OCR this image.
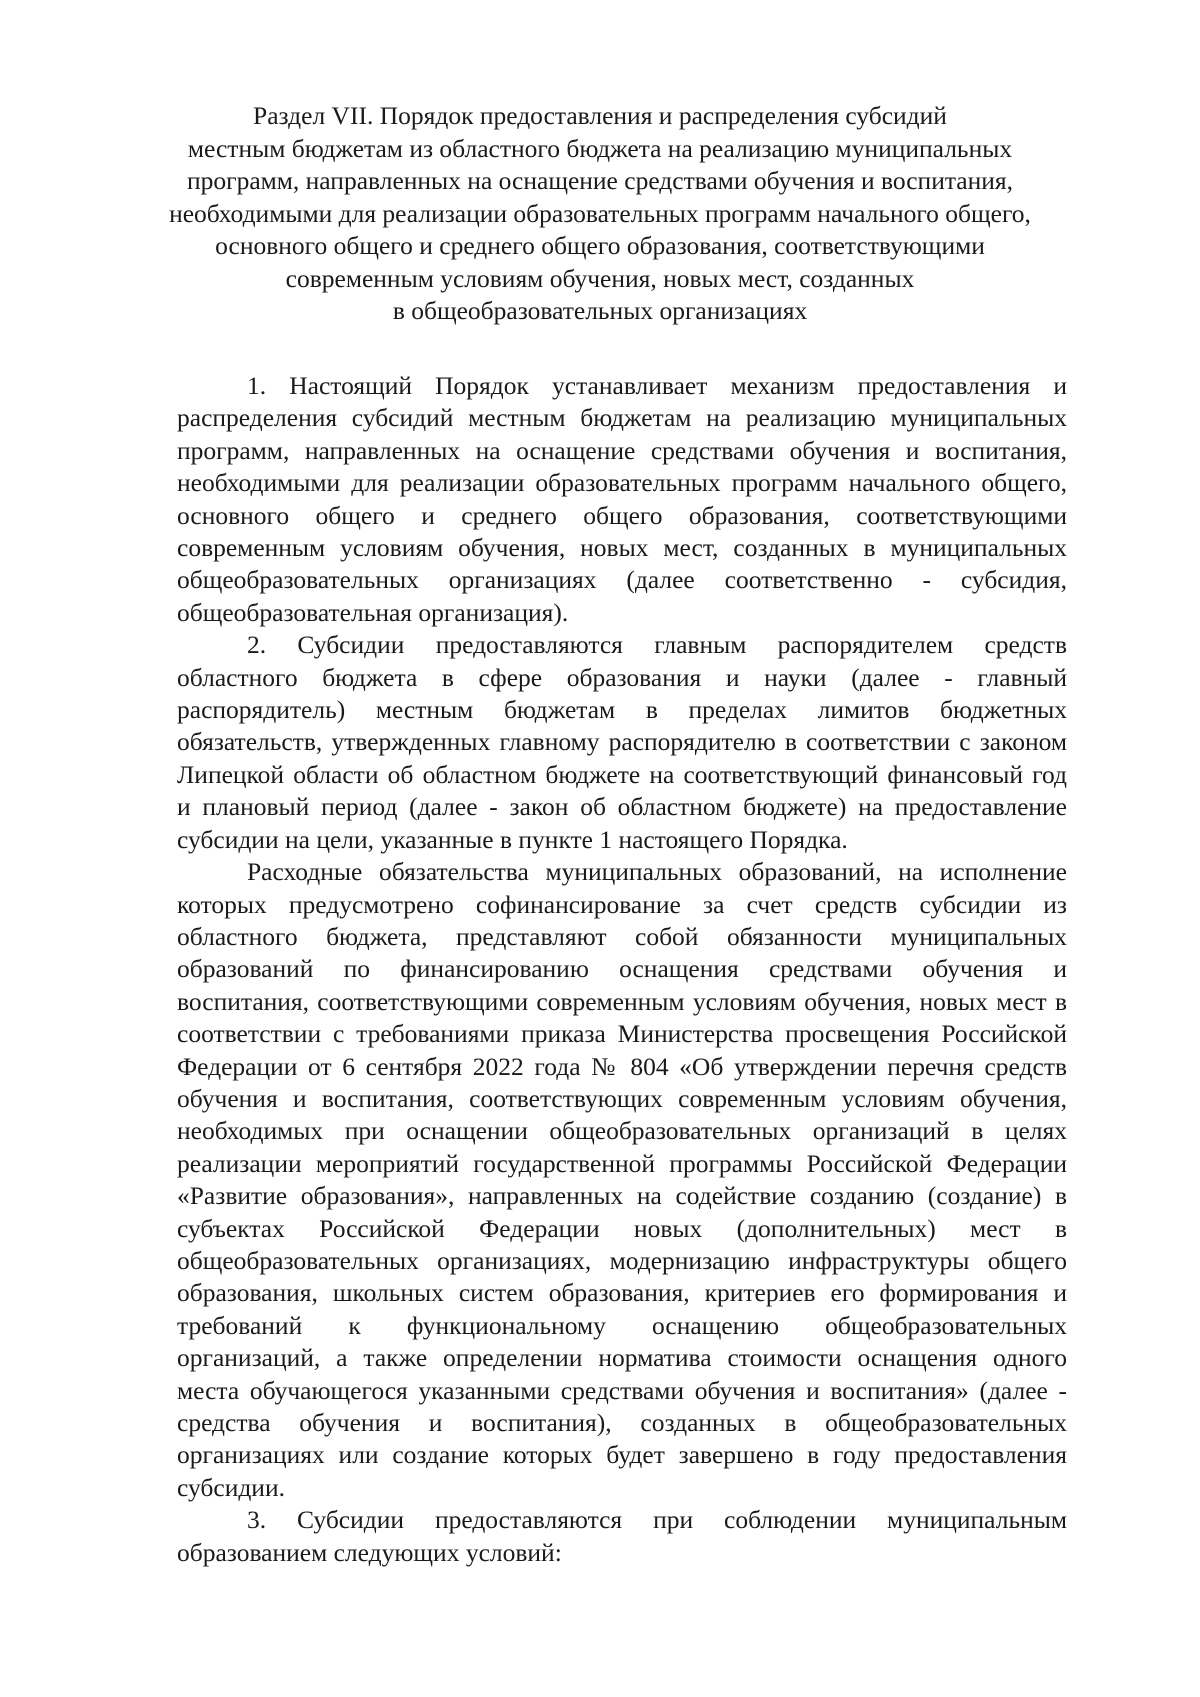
Раздел VII. Порядок предоставления и распределения субсидий
местным бюджетам из областного бюджета на реализацию муниципальных
программ, направленных на оснащение средствами обучения и воспитания,
необходимыми для реализации образовательных программ начального общего,
основного общего и среднего общего образования, соответствующими
современным условиям обучения, новых мест, созданных
в общеобразовательных организациях
1. Настоящий Порядок устанавливает механизм предоставления и
распределения субсидий местным бюджетам на реализацию муниципальных
программ, направленных на оснащение средствами обучения и воспитания,
необходимыми для реализации образовательных программ начального общего,
основного общего и среднего общего образования, соответствующими
современным условиям обучения, новых мест, созданных в муниципальных
общеобразовательных организациях (далее соответственно - субсидия,
общеобразовательная организация).
2. Субсидии предоставляются главным распорядителем средств
областного бюджета в сфере образования и науки (далее - главный
распорядитель) местным бюджетам в пределах лимитов бюджетных
обязательств, утвержденных главному распорядителю в соответствии с законом
Липецкой области об областном бюджете на соответствующий финансовый год
и плановый период (далее - закон об областном бюджете) на предоставление
субсидии на цели, указанные в пункте 1 настоящего Порядка.
Расходные обязательства муниципальных образований, на исполнение
которых предусмотрено софинансирование за счет средств субсидии из
областного бюджета, представляют собой обязанности муниципальных
образований по финансированию оснащения средствами обучения и
воспитания, соответствующими современным условиям обучения, новых мест в
соответствии с требованиями приказа Министерства просвещения Российской
Федерации от 6 сентября 2022 года № 804 «Об утверждении перечня средств
обучения и воспитания, соответствующих современным условиям обучения,
необходимых при оснащении общеобразовательных организаций в целях
реализации мероприятий государственной программы Российской Федерации
«Развитие образования», направленных на содействие созданию (создание) в
субъектах Российской Федерации новых (дополнительных) мест в
общеобразовательных организациях, модернизацию инфраструктуры общего
образования, школьных систем образования, критериев его формирования и
требований к функциональному оснащению общеобразовательных
организаций, а также определении норматива стоимости оснащения одного
места обучающегося указанными средствами обучения и воспитания» (далее -
средства обучения и воспитания), созданных в общеобразовательных
организациях или создание которых будет завершено в году предоставления
субсидии.
3. Субсидии предоставляются при соблюдении муниципальным
образованием следующих условий:
